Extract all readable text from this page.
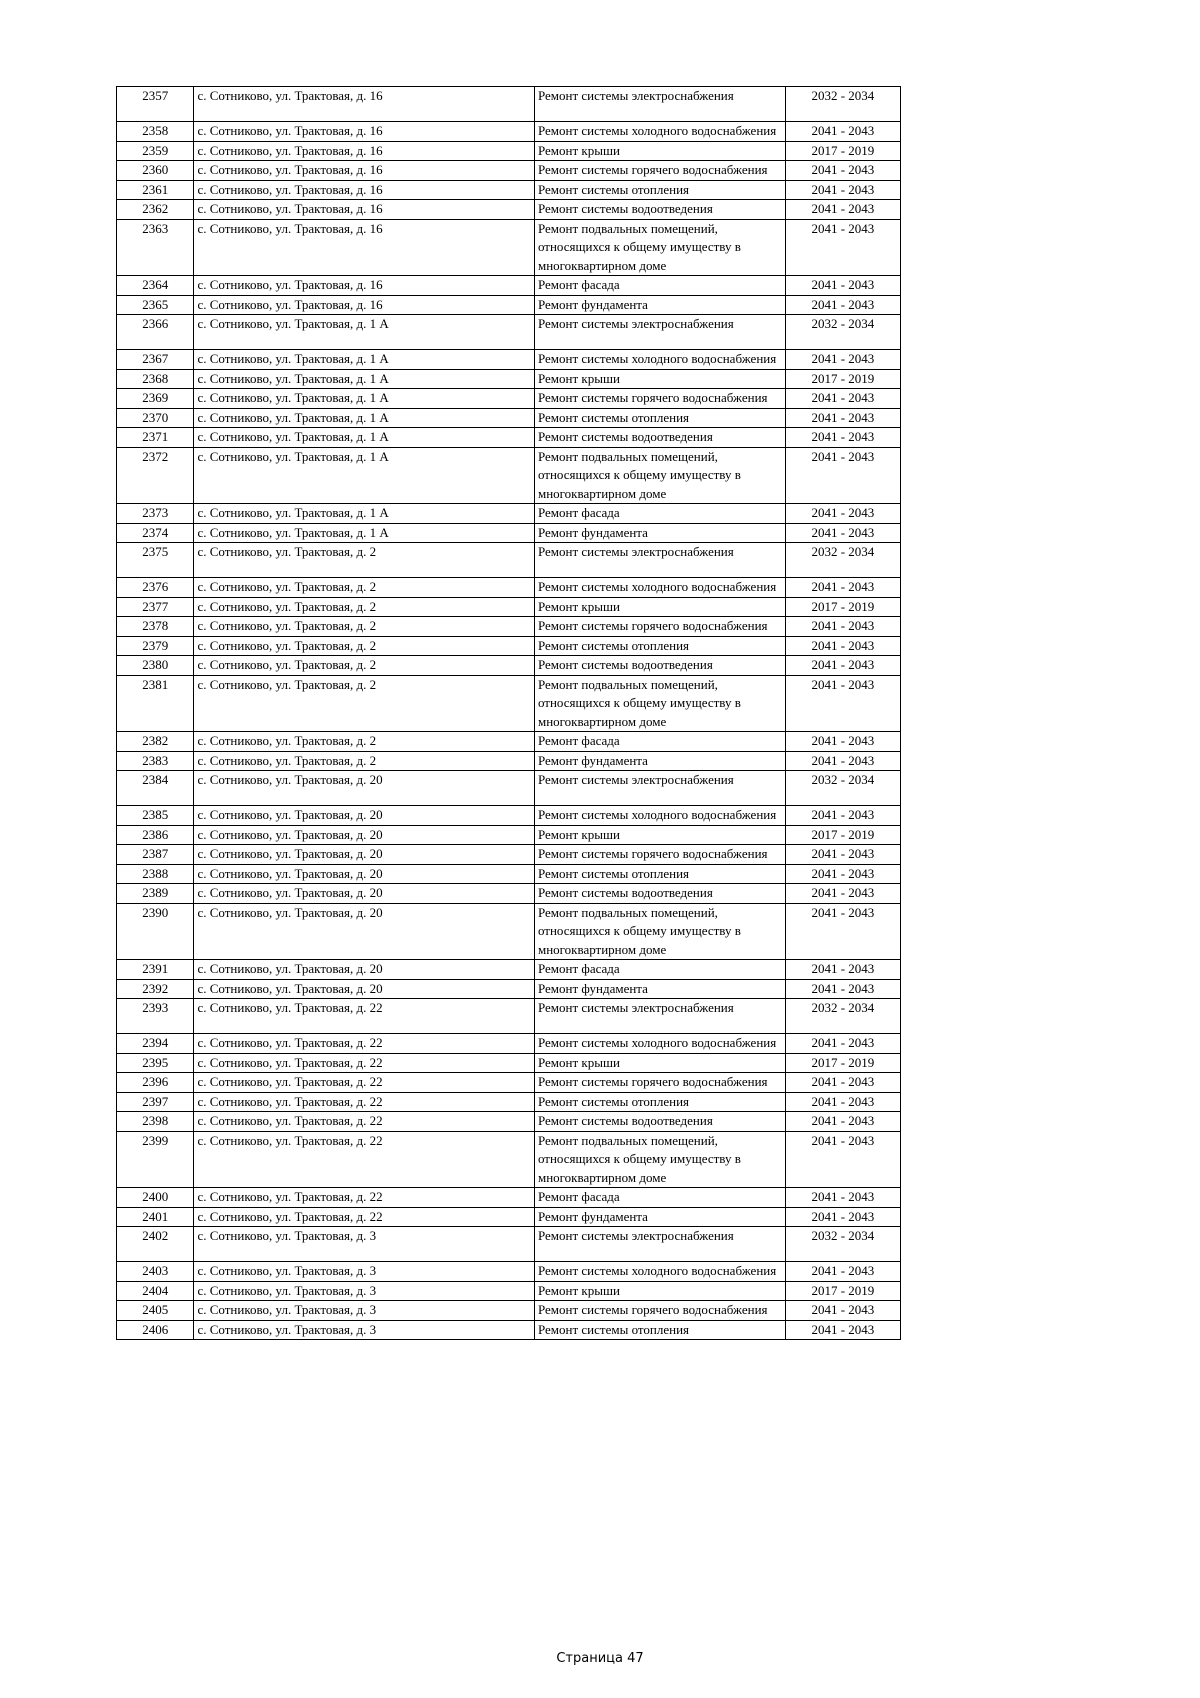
2357	с. Сотниково, ул. Трактовая, д. 16	Ремонт системы электроснабжения	2032 - 2034
2358	с. Сотниково, ул. Трактовая, д. 16	Ремонт системы холодного водоснабжения	2041 - 2043
2359	с. Сотниково, ул. Трактовая, д. 16	Ремонт крыши	2017 - 2019
2360	с. Сотниково, ул. Трактовая, д. 16	Ремонт системы горячего водоснабжения	2041 - 2043
2361	с. Сотниково, ул. Трактовая, д. 16	Ремонт системы отопления	2041 - 2043
2362	с. Сотниково, ул. Трактовая, д. 16	Ремонт системы водоотведения	2041 - 2043
2363	с. Сотниково, ул. Трактовая, д. 16	Ремонт подвальных помещений, относящихся к общему имуществу в многоквартирном доме	2041 - 2043
2364	с. Сотниково, ул. Трактовая, д. 16	Ремонт фасада	2041 - 2043
2365	с. Сотниково, ул. Трактовая, д. 16	Ремонт фундамента	2041 - 2043
2366	с. Сотниково, ул. Трактовая, д. 1 А	Ремонт системы электроснабжения	2032 - 2034
2367	с. Сотниково, ул. Трактовая, д. 1 А	Ремонт системы холодного водоснабжения	2041 - 2043
2368	с. Сотниково, ул. Трактовая, д. 1 А	Ремонт крыши	2017 - 2019
2369	с. Сотниково, ул. Трактовая, д. 1 А	Ремонт системы горячего водоснабжения	2041 - 2043
2370	с. Сотниково, ул. Трактовая, д. 1 А	Ремонт системы отопления	2041 - 2043
2371	с. Сотниково, ул. Трактовая, д. 1 А	Ремонт системы водоотведения	2041 - 2043
2372	с. Сотниково, ул. Трактовая, д. 1 А	Ремонт подвальных помещений, относящихся к общему имуществу в многоквартирном доме	2041 - 2043
2373	с. Сотниково, ул. Трактовая, д. 1 А	Ремонт фасада	2041 - 2043
2374	с. Сотниково, ул. Трактовая, д. 1 А	Ремонт фундамента	2041 - 2043
2375	с. Сотниково, ул. Трактовая, д. 2	Ремонт системы электроснабжения	2032 - 2034
2376	с. Сотниково, ул. Трактовая, д. 2	Ремонт системы холодного водоснабжения	2041 - 2043
2377	с. Сотниково, ул. Трактовая, д. 2	Ремонт крыши	2017 - 2019
2378	с. Сотниково, ул. Трактовая, д. 2	Ремонт системы горячего водоснабжения	2041 - 2043
2379	с. Сотниково, ул. Трактовая, д. 2	Ремонт системы отопления	2041 - 2043
2380	с. Сотниково, ул. Трактовая, д. 2	Ремонт системы водоотведения	2041 - 2043
2381	с. Сотниково, ул. Трактовая, д. 2	Ремонт подвальных помещений, относящихся к общему имуществу в многоквартирном доме	2041 - 2043
2382	с. Сотниково, ул. Трактовая, д. 2	Ремонт фасада	2041 - 2043
2383	с. Сотниково, ул. Трактовая, д. 2	Ремонт фундамента	2041 - 2043
2384	с. Сотниково, ул. Трактовая, д. 20	Ремонт системы электроснабжения	2032 - 2034
2385	с. Сотниково, ул. Трактовая, д. 20	Ремонт системы холодного водоснабжения	2041 - 2043
2386	с. Сотниково, ул. Трактовая, д. 20	Ремонт крыши	2017 - 2019
2387	с. Сотниково, ул. Трактовая, д. 20	Ремонт системы горячего водоснабжения	2041 - 2043
2388	с. Сотниково, ул. Трактовая, д. 20	Ремонт системы отопления	2041 - 2043
2389	с. Сотниково, ул. Трактовая, д. 20	Ремонт системы водоотведения	2041 - 2043
2390	с. Сотниково, ул. Трактовая, д. 20	Ремонт подвальных помещений, относящихся к общему имуществу в многоквартирном доме	2041 - 2043
2391	с. Сотниково, ул. Трактовая, д. 20	Ремонт фасада	2041 - 2043
2392	с. Сотниково, ул. Трактовая, д. 20	Ремонт фундамента	2041 - 2043
2393	с. Сотниково, ул. Трактовая, д. 22	Ремонт системы электроснабжения	2032 - 2034
2394	с. Сотниково, ул. Трактовая, д. 22	Ремонт системы холодного водоснабжения	2041 - 2043
2395	с. Сотниково, ул. Трактовая, д. 22	Ремонт крыши	2017 - 2019
2396	с. Сотниково, ул. Трактовая, д. 22	Ремонт системы горячего водоснабжения	2041 - 2043
2397	с. Сотниково, ул. Трактовая, д. 22	Ремонт системы отопления	2041 - 2043
2398	с. Сотниково, ул. Трактовая, д. 22	Ремонт системы водоотведения	2041 - 2043
2399	с. Сотниково, ул. Трактовая, д. 22	Ремонт подвальных помещений, относящихся к общему имуществу в многоквартирном доме	2041 - 2043
2400	с. Сотниково, ул. Трактовая, д. 22	Ремонт фасада	2041 - 2043
2401	с. Сотниково, ул. Трактовая, д. 22	Ремонт фундамента	2041 - 2043
2402	с. Сотниково, ул. Трактовая, д. 3	Ремонт системы электроснабжения	2032 - 2034
2403	с. Сотниково, ул. Трактовая, д. 3	Ремонт системы холодного водоснабжения	2041 - 2043
2404	с. Сотниково, ул. Трактовая, д. 3	Ремонт крыши	2017 - 2019
2405	с. Сотниково, ул. Трактовая, д. 3	Ремонт системы горячего водоснабжения	2041 - 2043
2406	с. Сотниково, ул. Трактовая, д. 3	Ремонт системы отопления	2041 - 2043
Страница 47
